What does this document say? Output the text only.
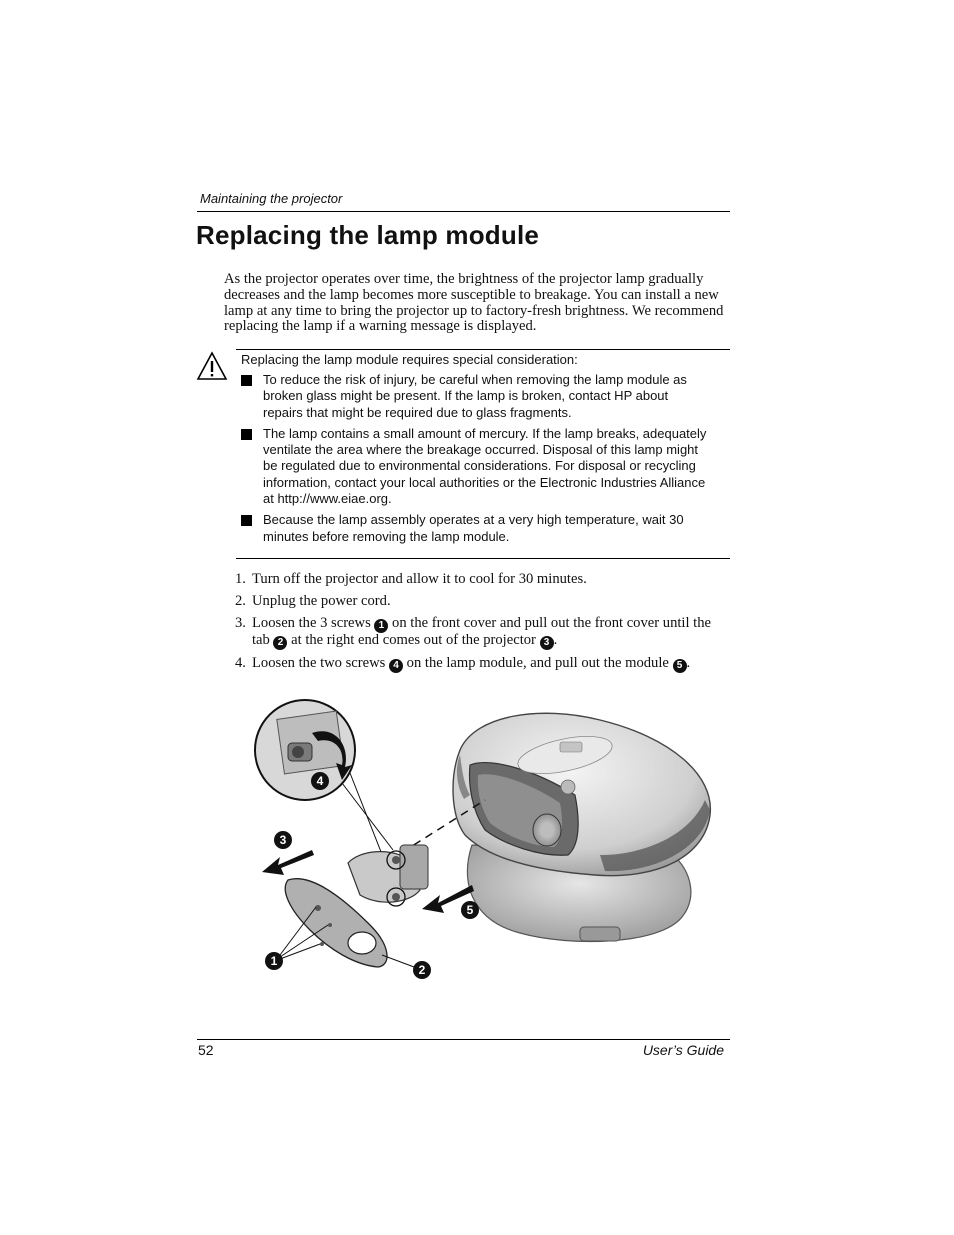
Maintaining the projector
Replacing the lamp module

As the projector operates over time, the brightness of the projector lamp gradually decreases and the lamp becomes more susceptible to breakage. You can install a new lamp at any time to bring the projector up to factory-fresh brightness. We recommend replacing the lamp if a warning message is displayed.

Replacing the lamp module requires special consideration:
To reduce the risk of injury, be careful when removing the lamp module as broken glass might be present. If the lamp is broken, contact HP about repairs that might be required due to glass fragments.
The lamp contains a small amount of mercury. If the lamp breaks, adequately ventilate the area where the breakage occurred. Disposal of this lamp might be regulated due to environmental considerations. For disposal or recycling information, contact your local authorities or the Electronic Industries Alliance at http://www.eiae.org.
Because the lamp assembly operates at a very high temperature, wait 30 minutes before removing the lamp module.
1. Turn off the projector and allow it to cool for 30 minutes.
2. Unplug the power cord.
3. Loosen the 3 screws 1 on the front cover and pull out the front cover until the tab 2 at the right end comes out of the projector 3 .
4. Loosen the two screws 4 on the lamp module, and pull out the module 5 .
4
5
3
1
2
52	User’s Guide
